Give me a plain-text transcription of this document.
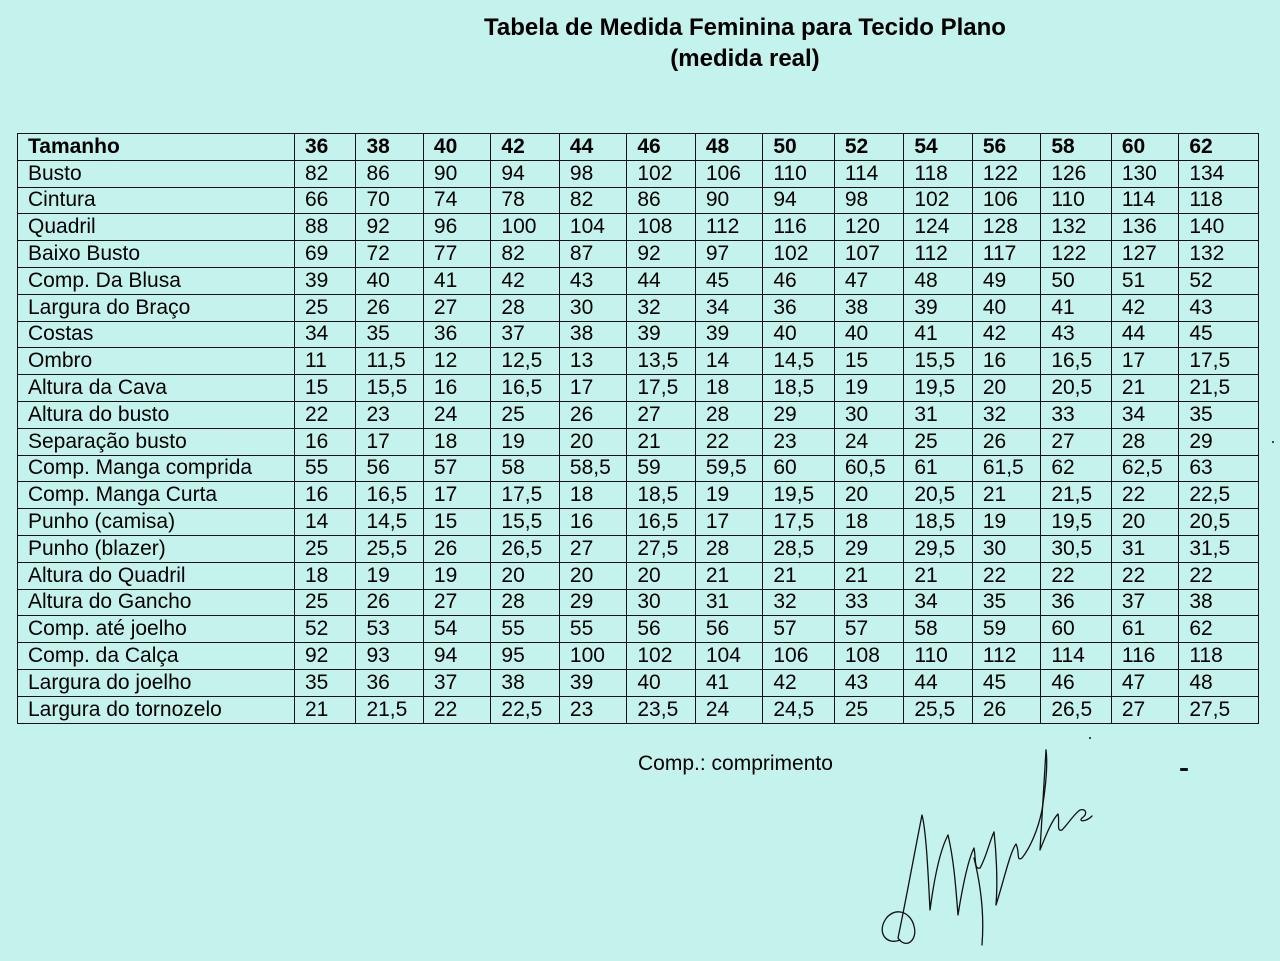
Tabela de Medida Feminina para Tecido Plano
(medida real)
Tamanho	36	38	40	42	44	46	48	50	52	54	56	58	60	62
Busto	82	86	90	94	98	102	106	110	114	118	122	126	130	134
Cintura	66	70	74	78	82	86	90	94	98	102	106	110	114	118
Quadril	88	92	96	100	104	108	112	116	120	124	128	132	136	140
Baixo Busto	69	72	77	82	87	92	97	102	107	112	117	122	127	132
Comp. Da Blusa	39	40	41	42	43	44	45	46	47	48	49	50	51	52
Largura do Braço	25	26	27	28	30	32	34	36	38	39	40	41	42	43
Costas	34	35	36	37	38	39	39	40	40	41	42	43	44	45
Ombro	11	11,5	12	12,5	13	13,5	14	14,5	15	15,5	16	16,5	17	17,5
Altura da Cava	15	15,5	16	16,5	17	17,5	18	18,5	19	19,5	20	20,5	21	21,5
Altura do busto	22	23	24	25	26	27	28	29	30	31	32	33	34	35
Separação busto	16	17	18	19	20	21	22	23	24	25	26	27	28	29
Comp. Manga comprida	55	56	57	58	58,5	59	59,5	60	60,5	61	61,5	62	62,5	63
Comp. Manga Curta	16	16,5	17	17,5	18	18,5	19	19,5	20	20,5	21	21,5	22	22,5
Punho (camisa)	14	14,5	15	15,5	16	16,5	17	17,5	18	18,5	19	19,5	20	20,5
Punho (blazer)	25	25,5	26	26,5	27	27,5	28	28,5	29	29,5	30	30,5	31	31,5
Altura do Quadril	18	19	19	20	20	20	21	21	21	21	22	22	22	22
Altura do Gancho	25	26	27	28	29	30	31	32	33	34	35	36	37	38
Comp. até joelho	52	53	54	55	55	56	56	57	57	58	59	60	61	62
Comp. da Calça	92	93	94	95	100	102	104	106	108	110	112	114	116	118
Largura do joelho	35	36	37	38	39	40	41	42	43	44	45	46	47	48
Largura do tornozelo	21	21,5	22	22,5	23	23,5	24	24,5	25	25,5	26	26,5	27	27,5
Comp.: comprimento
